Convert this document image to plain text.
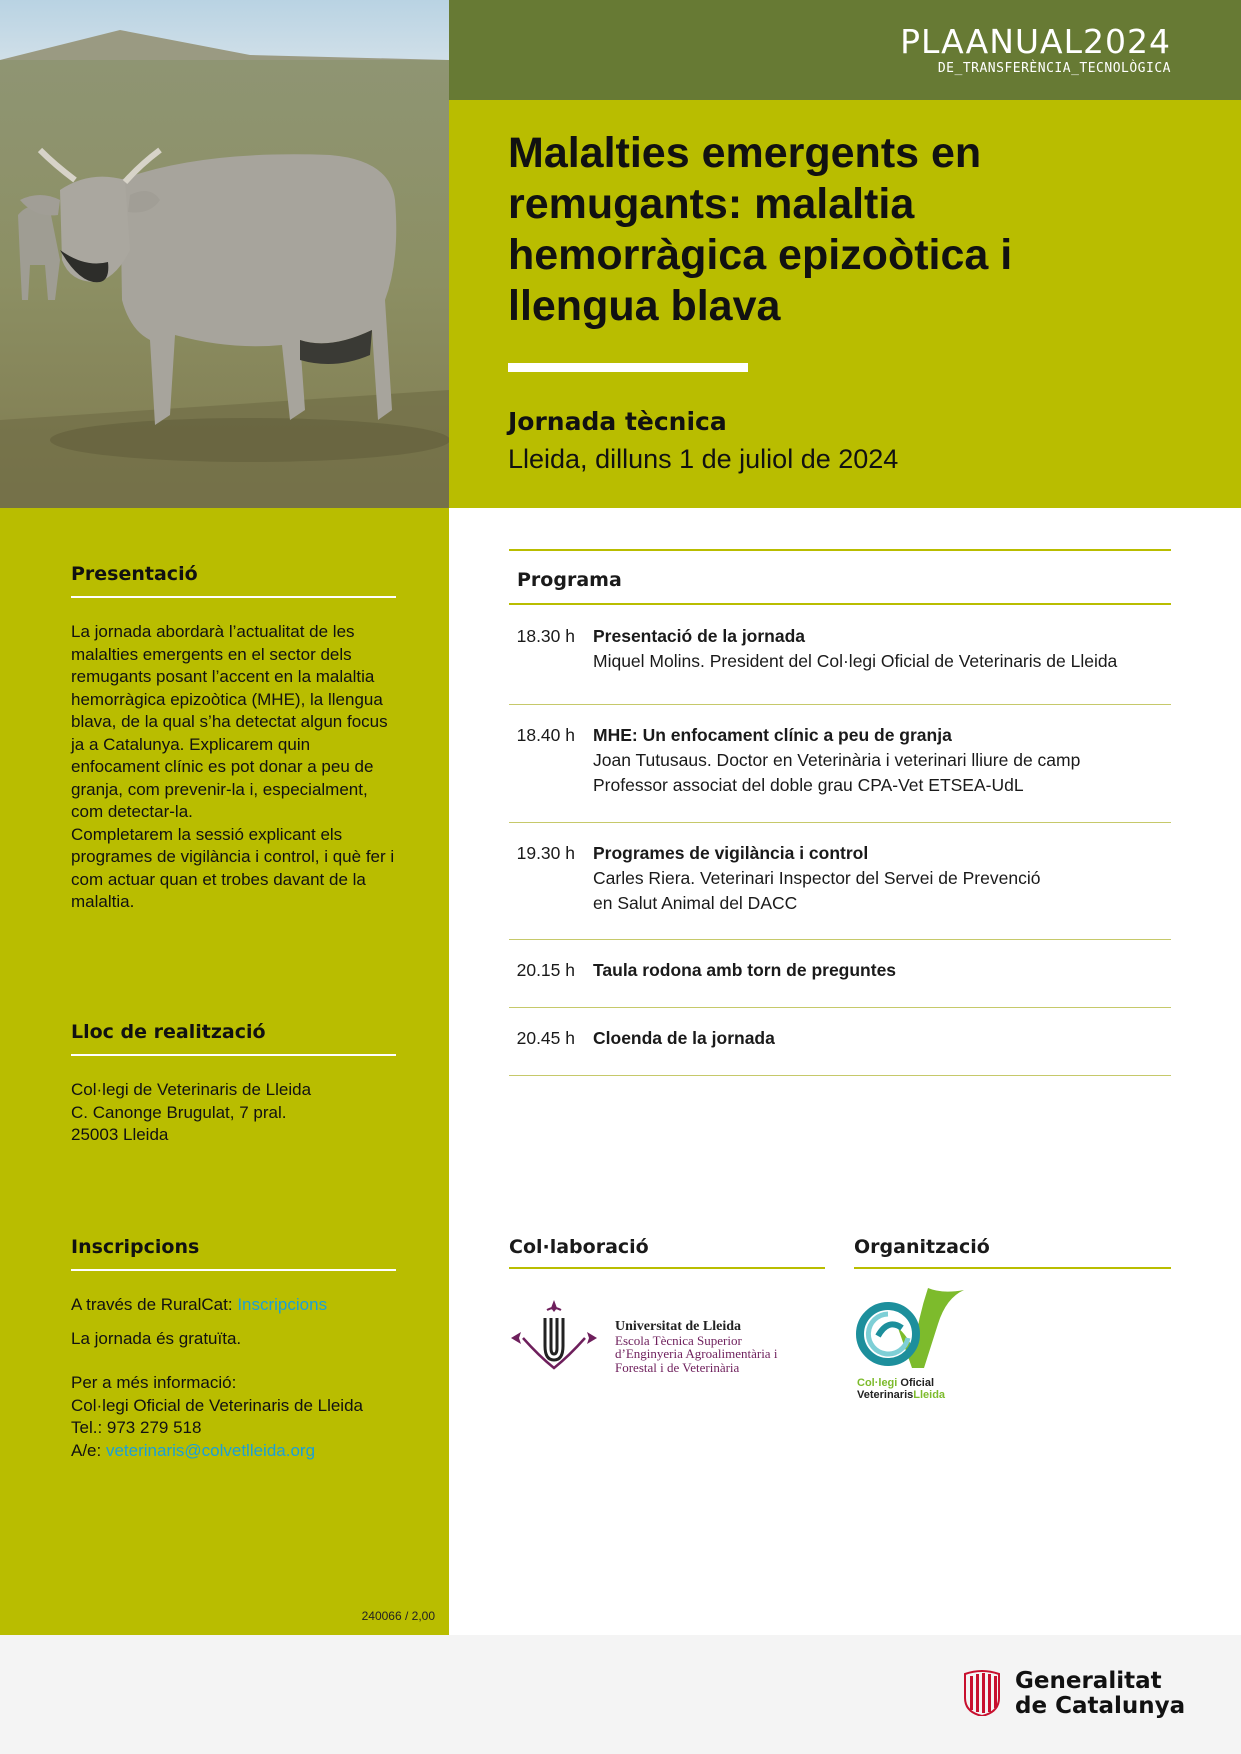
PLAANUAL2024
DE_TRANSFERÈNCIA_TECNOLÒGICA
Malalties emergents en remugants: malaltia hemorràgica epizoòtica i llengua blava
Jornada tècnica
Lleida, dilluns 1 de juliol de 2024
Presentació

La jornada abordarà l’actualitat de les malalties emergents en el sector dels remugants posant l’accent en la malaltia hemorràgica epizoòtica (MHE), la llengua blava, de la qual s’ha detectat algun focus ja a Catalunya. Explicarem quin enfocament clínic es pot donar a peu de granja, com prevenir-la i, especialment, com detectar-la.

Completarem la sessió explicant els programes de vigilància i control, i què fer i com actuar quan et trobes davant de la malaltia.

Lloc de realització

Col·legi de Veterinaris de Lleida

C. Canonge Brugulat, 7 pral.

25003 Lleida

Inscripcions

A través de RuralCat: Inscripcions

La jornada és gratuïta.

Per a més informació:

Col·legi Oficial de Veterinaris de Lleida

Tel.: 973 279 518

A/e: veterinaris@colvetlleida.org

240066 / 2,00
Programa
18.30 h	Presentació de la jornada
Miquel Molins. President del Col·legi Oficial de Veterinaris de Lleida
18.40 h	MHE: Un enfocament clínic a peu de granja
Joan Tutusaus. Doctor en Veterinària i veterinari lliure de camp
Professor associat del doble grau CPA-Vet ETSEA-UdL
19.30 h	Programes de vigilància i control
Carles Riera. Veterinari Inspector del Servei de Prevenció
en Salut Animal del DACC
20.15 h	Taula rodona amb torn de preguntes
20.45 h	Cloenda de la jornada
Col·laboració
Universitat de Lleida
Escola Tècnica Superior
d’Enginyeria Agroalimentària i
Forestal i de Veterinària
Organització
Col·legi Oficial
VeterinarisLleida
Generalitat
de Catalunya
